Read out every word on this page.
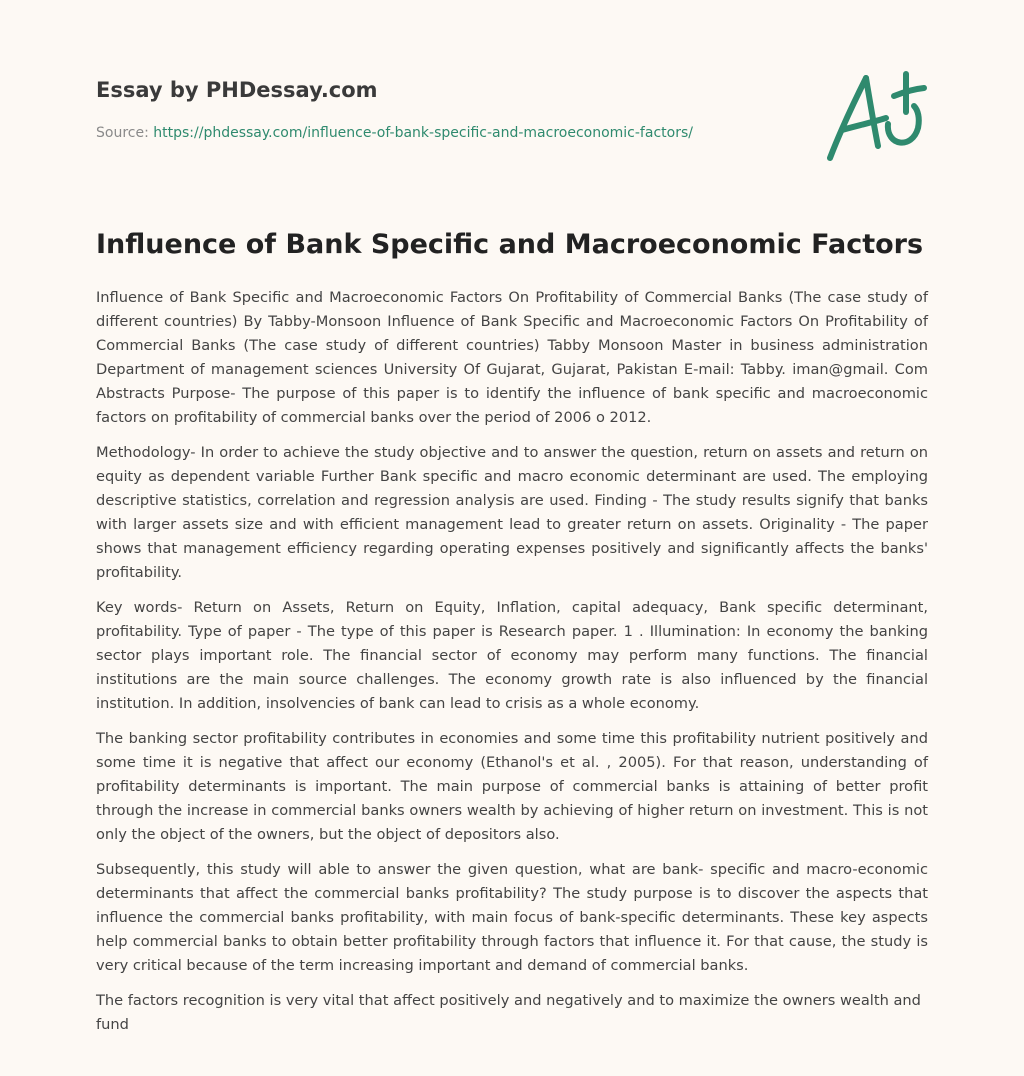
Essay by PHDessay.com
Source: https://phdessay.com/influence-of-bank-specific-and-macroeconomic-factors/
Influence of Bank Specific and Macroeconomic Factors

Influence of Bank Specific and Macroeconomic Factors On Profitability of Commercial Banks (The case study of different countries) By Tabby-Monsoon Influence of Bank Specific and Macroeconomic Factors On Profitability of Commercial Banks (The case study of different countries) Tabby Monsoon Master in business administration Department of management sciences University Of Gujarat, Gujarat, Pakistan E-mail: Tabby. iman@gmail. Com Abstracts Purpose- The purpose of this paper is to identify the influence of bank specific and macroeconomic factors on profitability of commercial banks over the period of 2006 o 2012.

Methodology- In order to achieve the study objective and to answer the question, return on assets and return on equity as dependent variable Further Bank specific and macro economic determinant are used. The employing descriptive statistics, correlation and regression analysis are used. Finding - The study results signify that banks with larger assets size and with efficient management lead to greater return on assets. Originality - The paper shows that management efficiency regarding operating expenses positively and significantly affects the banks' profitability.

Key words- Return on Assets, Return on Equity, Inflation, capital adequacy, Bank specific determinant, profitability. Type of paper - The type of this paper is Research paper. 1 . Illumination: In economy the banking sector plays important role. The financial sector of economy may perform many functions. The financial institutions are the main source challenges. The economy growth rate is also influenced by the financial institution. In addition, insolvencies of bank can lead to crisis as a whole economy.

The banking sector profitability contributes in economies and some time this profitability nutrient positively and some time it is negative that affect our economy (Ethanol's et al. , 2005). For that reason, understanding of profitability determinants is important. The main purpose of commercial banks is attaining of better profit through the increase in commercial banks owners wealth by achieving of higher return on investment. This is not only the object of the owners, but the object of depositors also.

Subsequently, this study will able to answer the given question, what are bank- specific and macro-economic determinants that affect the commercial banks profitability? The study purpose is to discover the aspects that influence the commercial banks profitability, with main focus of bank-specific determinants. These key aspects help commercial banks to obtain better profitability through factors that influence it. For that cause, the study is very critical because of the term increasing important and demand of commercial banks.

The factors recognition is very vital that affect positively and negatively and to maximize the owners wealth and fund
